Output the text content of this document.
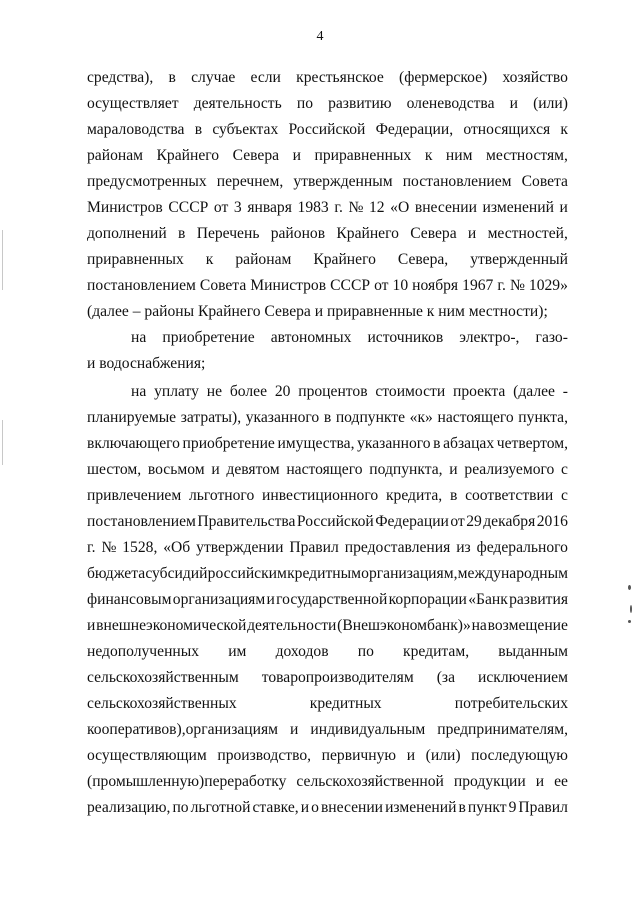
4
средства), в случае если крестьянское (фермерское) хозяйство
осуществляет деятельность по развитию оленеводства и (или)
мараловодства в субъектах Российской Федерации, относящихся к
районам Крайнего Севера и приравненных к ним местностям,
предусмотренных перечнем, утвержденным постановлением Совета
Министров СССР от 3 января 1983 г. № 12 «О внесении изменений и
дополнений в Перечень районов Крайнего Севера и местностей,
приравненных к районам Крайнего Севера, утвержденный
постановлением Совета Министров СССР от 10 ноября 1967 г. № 1029»
(далее – районы Крайнего Севера и приравненные к ним местности);
на приобретение автономных источников электро-, газо-
и водоснабжения;
на уплату не более 20 процентов стоимости проекта (далее -
планируемые затраты), указанного в подпункте «к» настоящего пункта,
включающего приобретение имущества, указанного в абзацах четвертом,
шестом, восьмом и девятом настоящего подпункта, и реализуемого с
привлечением льготного инвестиционного кредита, в соответствии с
постановлением Правительства Российской Федерации от 29 декабря 2016
г. № 1528, «Об утверждении Правил предоставления из федерального
бюджета субсидий российским кредитным организациям, международным
финансовым организациям и государственной корпорации «Банк развития
и внешнеэкономической деятельности (Внешэкономбанк)» на возмещение
недополученных им доходов по кредитам, выданным
сельскохозяйственным товаропроизводителям (за исключением
сельскохозяйственных	кредитных	потребительских
кооперативов),организациям и индивидуальным предпринимателям,
осуществляющим производство, первичную и (или) последующую
(промышленную)переработку сельскохозяйственной продукции и ее
реализацию, по льготной ставке, и о внесении изменений в пункт 9 Правил
